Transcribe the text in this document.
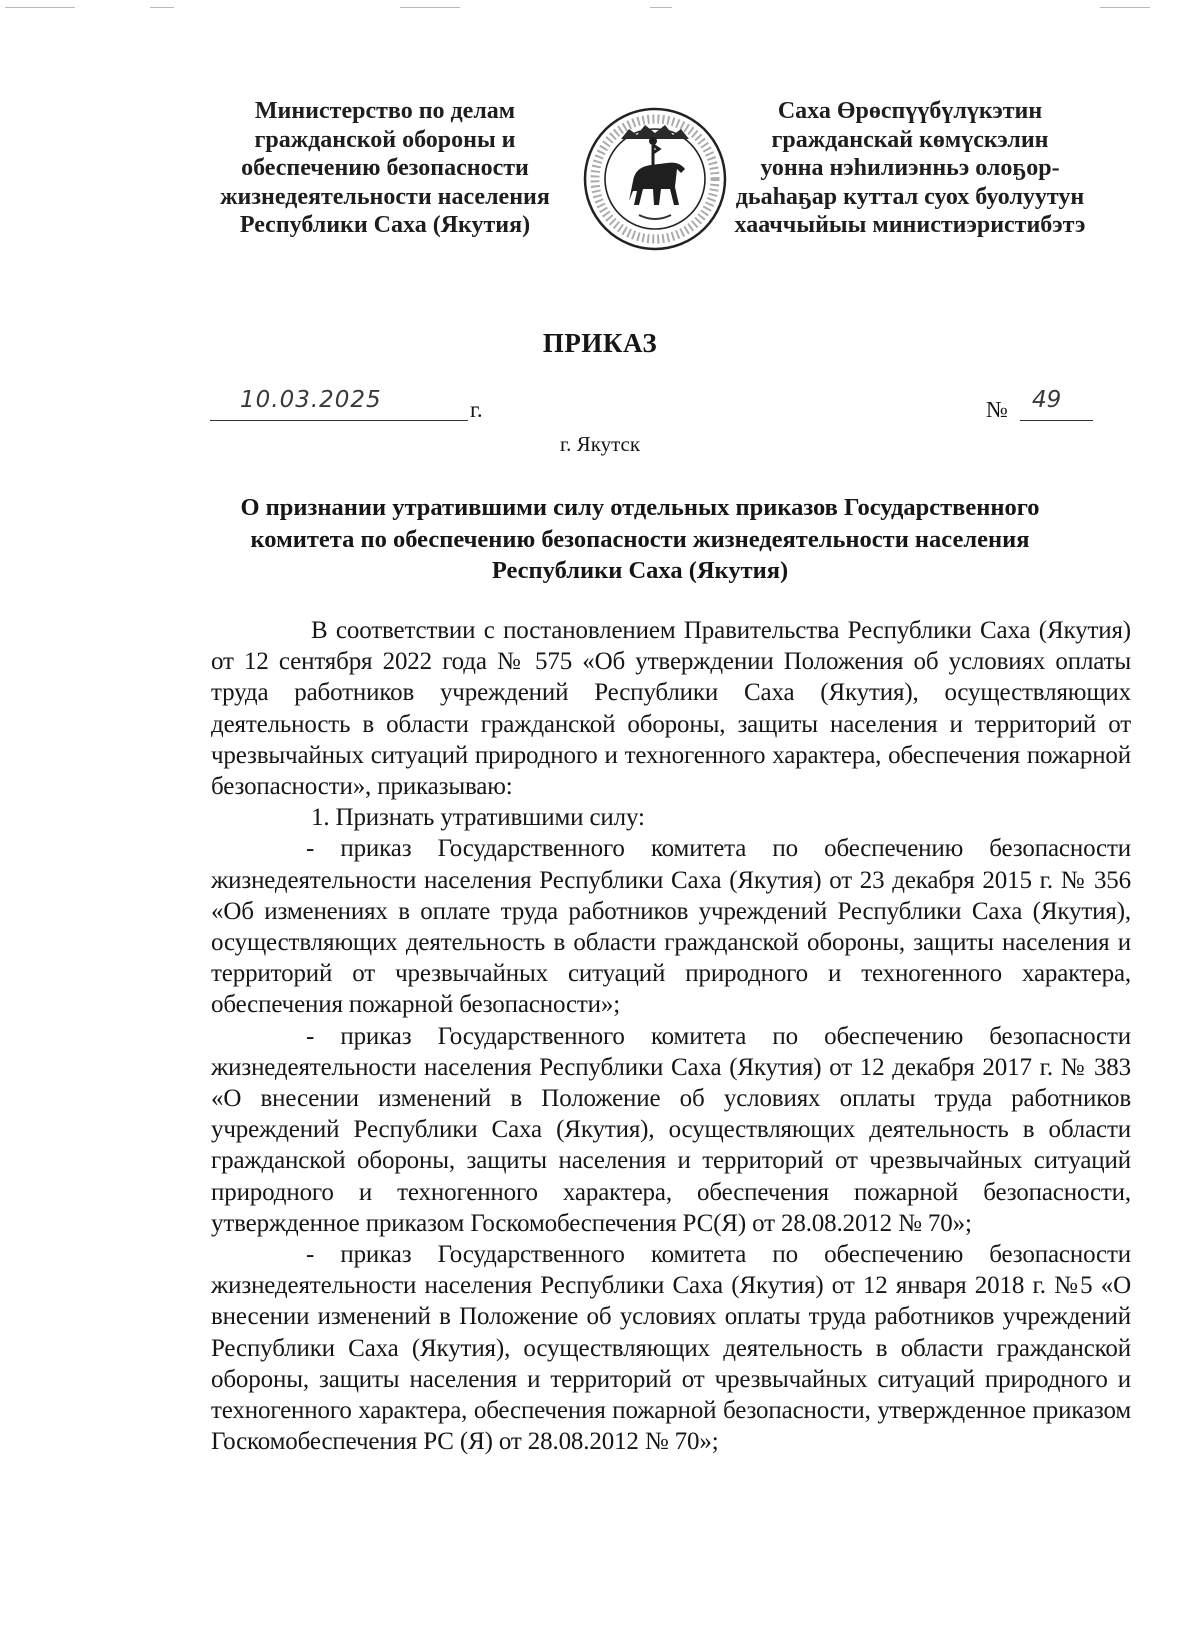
Министерство по делам
гражданской обороны и
обеспечению безопасности
жизнедеятельности населения
Республики Саха (Якутия)
Саха Өрөспүүбүлүкэтин
гражданскай көмүскэлин
уонна нэһилиэнньэ олоҕор-
дьаһаҕар куттал суох буолуутун
хааччыйыы министиэристибэтэ
ПРИКАЗ
10.03.2025	г.	№ 49
г. Якутск
О признании утратившими силу отдельных приказов Государственного
комитета по обеспечению безопасности жизнедеятельности населения
Республики Саха (Якутия)

В соответствии с постановлением Правительства Республики Саха (Якутия) от 12 сентября 2022 года № 575 «Об утверждении Положения об условиях оплаты труда работников учреждений Республики Саха (Якутия), осуществляющих деятельность в области гражданской обороны, защиты населения и территорий от чрезвычайных ситуаций природного и техногенного характера, обеспечения пожарной безопасности», приказываю:

1. Признать утратившими силу:

- приказ Государственного комитета по обеспечению безопасности жизнедеятельности населения Республики Саха (Якутия) от 23 декабря 2015 г. № 356 «Об изменениях в оплате труда работников учреждений Республики Саха (Якутия), осуществляющих деятельность в области гражданской обороны, защиты населения и территорий от чрезвычайных ситуаций природного и техногенного характера, обеспечения пожарной безопасности»;

- приказ Государственного комитета по обеспечению безопасности жизнедеятельности населения Республики Саха (Якутия) от 12 декабря 2017 г. № 383 «О внесении изменений в Положение об условиях оплаты труда работников учреждений Республики Саха (Якутия), осуществляющих деятельность в области гражданской обороны, защиты населения и территорий от чрезвычайных ситуаций природного и техногенного характера, обеспечения пожарной безопасности, утвержденное приказом Госкомобеспечения РС(Я) от 28.08.2012 № 70»;

- приказ Государственного комитета по обеспечению безопасности жизнедеятельности населения Республики Саха (Якутия) от 12 января 2018 г. №5 «О внесении изменений в Положение об условиях оплаты труда работников учреждений Республики Саха (Якутия), осуществляющих деятельность в области гражданской обороны, защиты населения и территорий от чрезвычайных ситуаций природного и техногенного характера, обеспечения пожарной безопасности, утвержденное приказом Госкомобеспечения РС (Я) от 28.08.2012 № 70»;
